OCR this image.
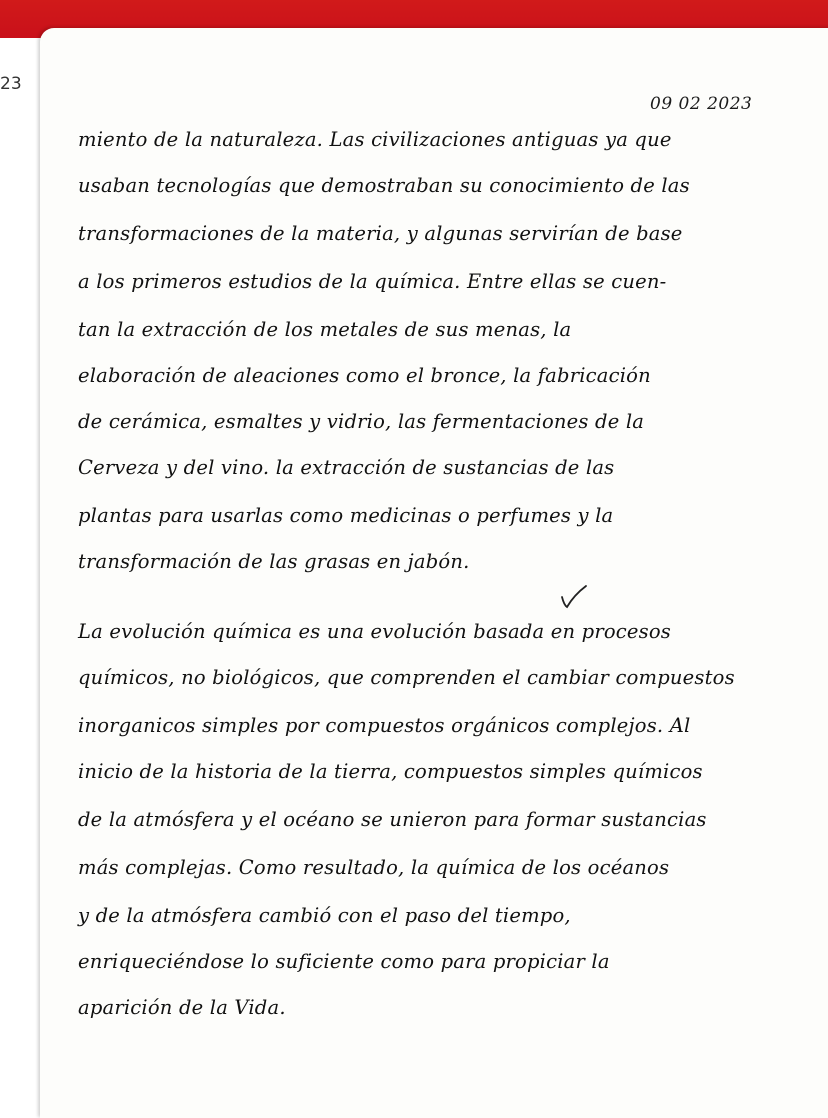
23
09 02 2023
miento de la naturaleza. Las civilizaciones antiguas ya que
usaban tecnologías que demostraban su conocimiento de las
transformaciones de la materia, y algunas servirían de base
a los primeros estudios de la química. Entre ellas se cuen-
tan la extracción de los metales de sus menas, la
elaboración de aleaciones como el bronce, la fabricación
de cerámica, esmaltes y vidrio, las fermentaciones de la
Cerveza y del vino. la extracción de sustancias de las
plantas para usarlas como medicinas o perfumes y la
transformación de las grasas en jabón.
La evolución química es una evolución basada en procesos
químicos, no biológicos, que comprenden el cambiar compuestos
inorganicos simples por compuestos orgánicos complejos. Al
inicio de la historia de la tierra, compuestos simples químicos
de la atmósfera y el océano se unieron para formar sustancias
más complejas. Como resultado, la química de los océanos
y de la atmósfera cambió con el paso del tiempo,
enriqueciéndose lo suficiente como para propiciar la
aparición de la Vida.
